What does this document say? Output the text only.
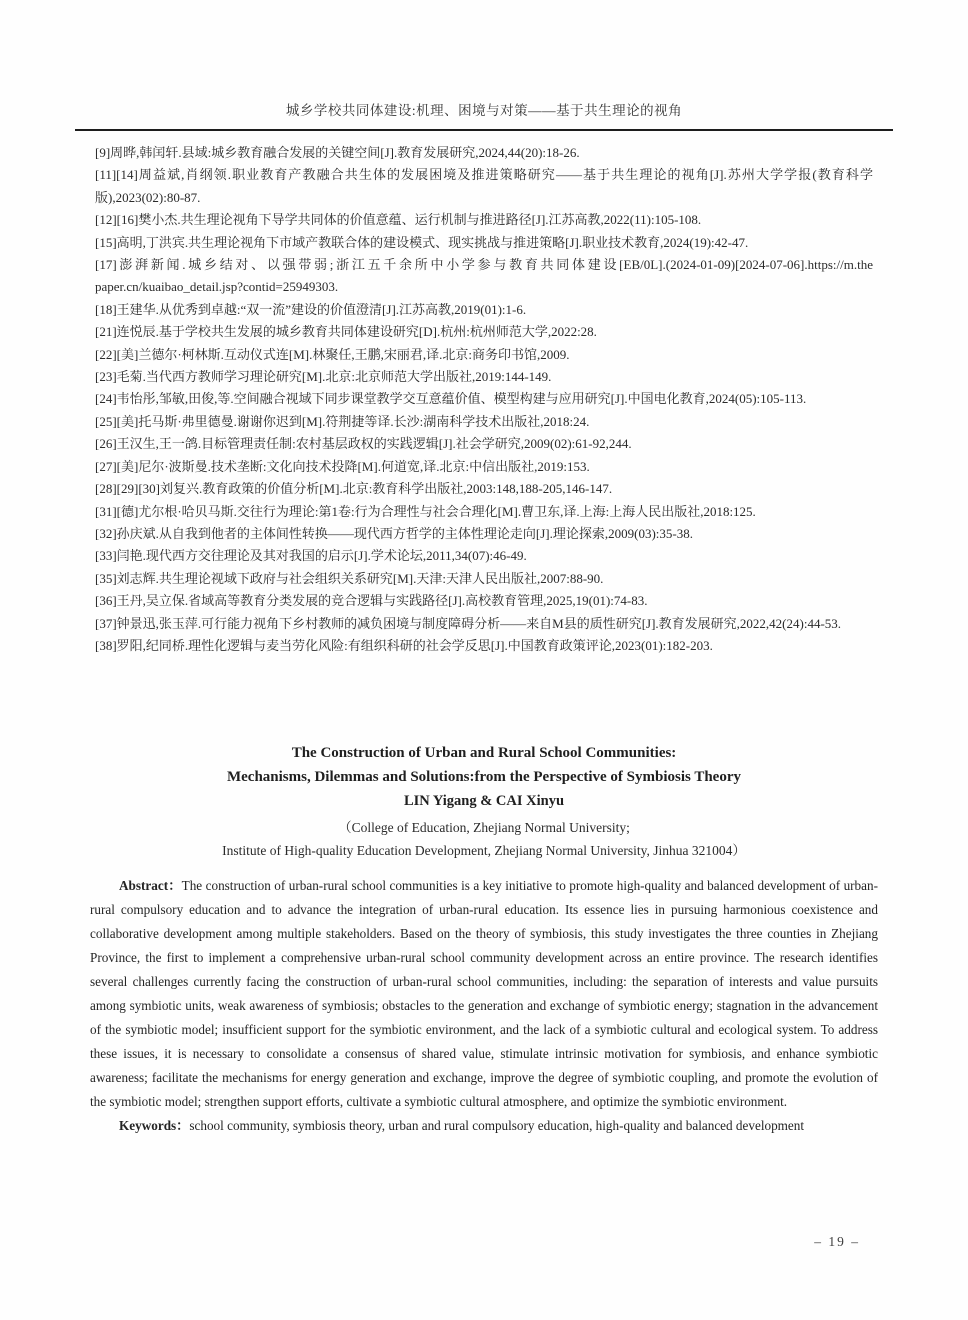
城乡学校共同体建设:机理、困境与对策——基于共生理论的视角
[9]周晔,韩闰轩.县域:城乡教育融合发展的关键空间[J].教育发展研究,2024,44(20):18-26.
[11][14]周益斌,肖纲领.职业教育产教融合共生体的发展困境及推进策略研究——基于共生理论的视角[J].苏州大学学报(教育科学版),2023(02):80-87.
[12][16]樊小杰.共生理论视角下导学共同体的价值意蕴、运行机制与推进路径[J].江苏高教,2022(11):105-108.
[15]高明,丁洪宾.共生理论视角下市域产教联合体的建设模式、现实挑战与推进策略[J].职业技术教育,2024(19):42-47.
[17]澎湃新闻.城乡结对、以强带弱;浙江五千余所中小学参与教育共同体建设[EB/0L].(2024-01-09)[2024-07-06].https://m.the paper.cn/kuaibao_detail.jsp?contid=25949303.
[18]王建华.从优秀到卓越:“双一流”建设的价值澄清[J].江苏高教,2019(01):1-6.
[21]连悦辰.基于学校共生发展的城乡教育共同体建设研究[D].杭州:杭州师范大学,2022:28.
[22][美]兰德尔·柯林斯.互动仪式连[M].林聚任,王鹏,宋丽君,译.北京:商务印书馆,2009.
[23]毛菊.当代西方教师学习理论研究[M].北京:北京师范大学出版社,2019:144-149.
[24]韦怡彤,邹敏,田俊,等.空间融合视域下同步课堂教学交互意蕴价值、模型构建与应用研究[J].中国电化教育,2024(05):105-113.
[25][美]托马斯·弗里德曼.谢谢你迟到[M].符荆捷等译.长沙:湖南科学技术出版社,2018:24.
[26]王汉生,王一鸽.目标管理责任制:农村基层政权的实践逻辑[J].社会学研究,2009(02):61-92,244.
[27][美]尼尔·波斯曼.技术垄断:文化向技术投降[M].何道宽,译.北京:中信出版社,2019:153.
[28][29][30]刘复兴.教育政策的价值分析[M].北京:教育科学出版社,2003:148,188-205,146-147.
[31][德]尤尔根·哈贝马斯.交往行为理论:第1卷:行为合理性与社会合理化[M].曹卫东,译.上海:上海人民出版社,2018:125.
[32]孙庆斌.从自我到他者的主体间性转换——现代西方哲学的主体性理论走向[J].理论探索,2009(03):35-38.
[33]闫艳.现代西方交往理论及其对我国的启示[J].学术论坛,2011,34(07):46-49.
[35]刘志辉.共生理论视域下政府与社会组织关系研究[M].天津:天津人民出版社,2007:88-90.
[36]王丹,吴立保.省域高等教育分类发展的竞合逻辑与实践路径[J].高校教育管理,2025,19(01):74-83.
[37]钟景迅,张玉萍.可行能力视角下乡村教师的减负困境与制度障碍分析——来自M县的质性研究[J].教育发展研究,2022,42(24):44-53.
[38]罗阳,纪同桥.理性化逻辑与麦当劳化风险:有组织科研的社会学反思[J].中国教育政策评论,2023(01):182-203.
The Construction of Urban and Rural School Communities:
Mechanisms, Dilemmas and Solutions:from the Perspective of Symbiosis Theory
LIN Yigang & CAI Xinyu
（College of Education, Zhejiang Normal University;
Institute of High-quality Education Development, Zhejiang Normal University, Jinhua 321004）
Abstract：The construction of urban-rural school communities is a key initiative to promote high-quality and balanced development of urban-rural compulsory education and to advance the integration of urban-rural education. Its essence lies in pursuing harmonious coexistence and collaborative development among multiple stakeholders. Based on the theory of symbiosis, this study investigates the three counties in Zhejiang Province, the first to implement a comprehensive urban-rural school community development across an entire province. The research identifies several challenges currently facing the construction of urban-rural school communities, including: the separation of interests and value pursuits among symbiotic units, weak awareness of symbiosis; obstacles to the generation and exchange of symbiotic energy; stagnation in the advancement of the symbiotic model; insufficient support for the symbiotic environment, and the lack of a symbiotic cultural and ecological system. To address these issues, it is necessary to consolidate a consensus of shared value, stimulate intrinsic motivation for symbiosis, and enhance symbiotic awareness; facilitate the mechanisms for energy generation and exchange, improve the degree of symbiotic coupling, and promote the evolution of the symbiotic model; strengthen support efforts, cultivate a symbiotic cultural atmosphere, and optimize the symbiotic environment.
Keywords：school community, symbiosis theory, urban and rural compulsory education, high-quality and balanced development
– 19 –
